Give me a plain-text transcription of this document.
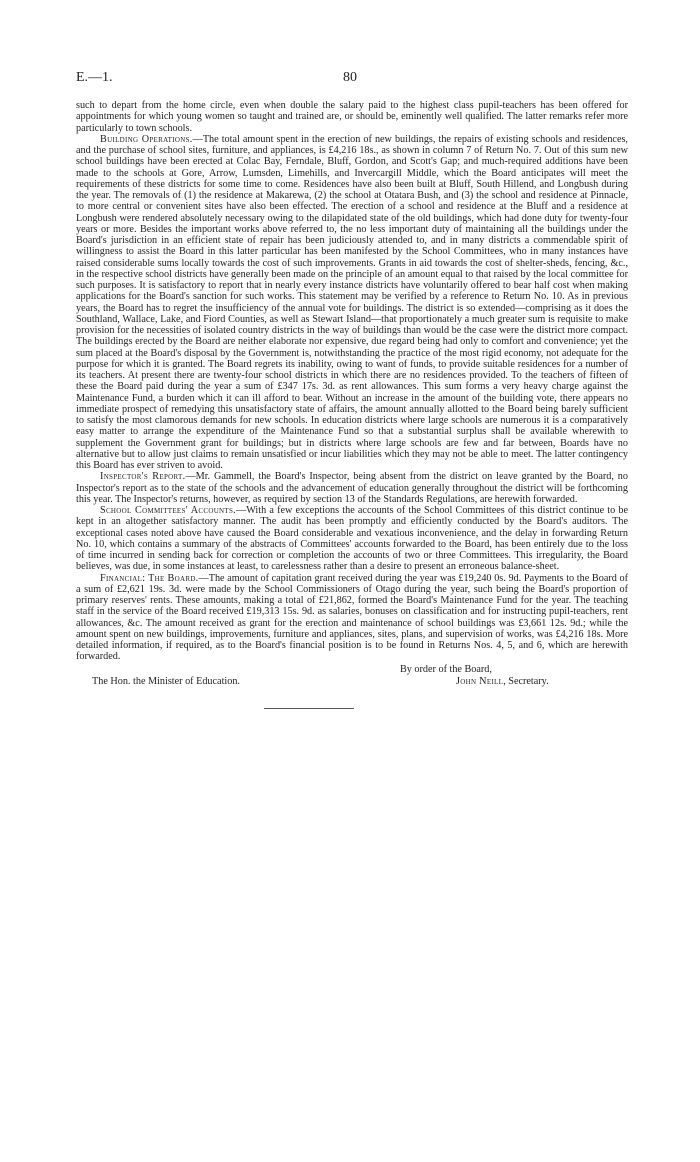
E.—1.	80

such to depart from the home circle, even when double the salary paid to the highest class pupil-teachers has been offered for appointments for which young women so taught and trained are, or should be, eminently well qualified. The latter remarks refer more particularly to town schools.

Building Operations.—The total amount spent in the erection of new buildings, the repairs of existing schools and residences, and the purchase of school sites, furniture, and appliances, is £4,216 18s., as shown in column 7 of Return No. 7. Out of this sum new school buildings have been erected at Colac Bay, Ferndale, Bluff, Gordon, and Scott's Gap; and much-required additions have been made to the schools at Gore, Arrow, Lumsden, Limehills, and Invercargill Middle, which the Board anticipates will meet the requirements of these districts for some time to come. Residences have also been built at Bluff, South Hillend, and Longbush during the year. The removals of (1) the residence at Makarewa, (2) the school at Otatara Bush, and (3) the school and residence at Pinnacle, to more central or convenient sites have also been effected. The erection of a school and residence at the Bluff and a residence at Longbush were rendered absolutely necessary owing to the dilapidated state of the old buildings, which had done duty for twenty-four years or more. Besides the important works above referred to, the no less important duty of maintaining all the buildings under the Board's jurisdiction in an efficient state of repair has been judiciously attended to, and in many districts a commendable spirit of willingness to assist the Board in this latter particular has been manifested by the School Committees, who in many instances have raised considerable sums locally towards the cost of such improvements. Grants in aid towards the cost of shelter-sheds, fencing, &c., in the respective school districts have generally been made on the principle of an amount equal to that raised by the local committee for such purposes. It is satisfactory to report that in nearly every instance districts have voluntarily offered to bear half cost when making applications for the Board's sanction for such works. This statement may be verified by a reference to Return No. 10. As in previous years, the Board has to regret the insufficiency of the annual vote for buildings. The district is so extended—comprising as it does the Southland, Wallace, Lake, and Fiord Counties, as well as Stewart Island—that proportionately a much greater sum is requisite to make provision for the necessities of isolated country districts in the way of buildings than would be the case were the district more compact. The buildings erected by the Board are neither elaborate nor expensive, due regard being had only to comfort and convenience; yet the sum placed at the Board's disposal by the Government is, notwithstanding the practice of the most rigid economy, not adequate for the purpose for which it is granted. The Board regrets its inability, owing to want of funds, to provide suitable residences for a number of its teachers. At present there are twenty-four school districts in which there are no residences provided. To the teachers of fifteen of these the Board paid during the year a sum of £347 17s. 3d. as rent allowances. This sum forms a very heavy charge against the Maintenance Fund, a burden which it can ill afford to bear. Without an increase in the amount of the building vote, there appears no immediate prospect of remedying this unsatisfactory state of affairs, the amount annually allotted to the Board being barely sufficient to satisfy the most clamorous demands for new schools. In education districts where large schools are numerous it is a comparatively easy matter to arrange the expenditure of the Maintenance Fund so that a substantial surplus shall be available wherewith to supplement the Government grant for buildings; but in districts where large schools are few and far between, Boards have no alternative but to allow just claims to remain unsatisfied or incur liabilities which they may not be able to meet. The latter contingency this Board has ever striven to avoid.

Inspector's Report.—Mr. Gammell, the Board's Inspector, being absent from the district on leave granted by the Board, no Inspector's report as to the state of the schools and the advancement of education generally throughout the district will be forthcoming this year. The Inspector's returns, however, as required by section 13 of the Standards Regulations, are herewith forwarded.

School Committees' Accounts.—With a few exceptions the accounts of the School Committees of this district continue to be kept in an altogether satisfactory manner. The audit has been promptly and efficiently conducted by the Board's auditors. The exceptional cases noted above have caused the Board considerable and vexatious inconvenience, and the delay in forwarding Return No. 10, which contains a summary of the abstracts of Committees' accounts forwarded to the Board, has been entirely due to the loss of time incurred in sending back for correction or completion the accounts of two or three Committees. This irregularity, the Board believes, was due, in some instances at least, to carelessness rather than a desire to present an erroneous balance-sheet.

Financial: The Board.—The amount of capitation grant received during the year was £19,240 0s. 9d. Payments to the Board of a sum of £2,621 19s. 3d. were made by the School Commissioners of Otago during the year, such being the Board's proportion of primary reserves' rents. These amounts, making a total of £21,862, formed the Board's Maintenance Fund for the year. The teaching staff in the service of the Board received £19,313 15s. 9d. as salaries, bonuses on classification and for instructing pupil-teachers, rent allowances, &c. The amount received as grant for the erection and maintenance of school buildings was £3,661 12s. 9d.; while the amount spent on new buildings, improvements, furniture and appliances, sites, plans, and supervision of works, was £4,216 18s. More detailed information, if required, as to the Board's financial position is to be found in Returns Nos. 4, 5, and 6, which are herewith forwarded.

By order of the Board,
The Hon. the Minister of Education.	John Neill, Secretary.
